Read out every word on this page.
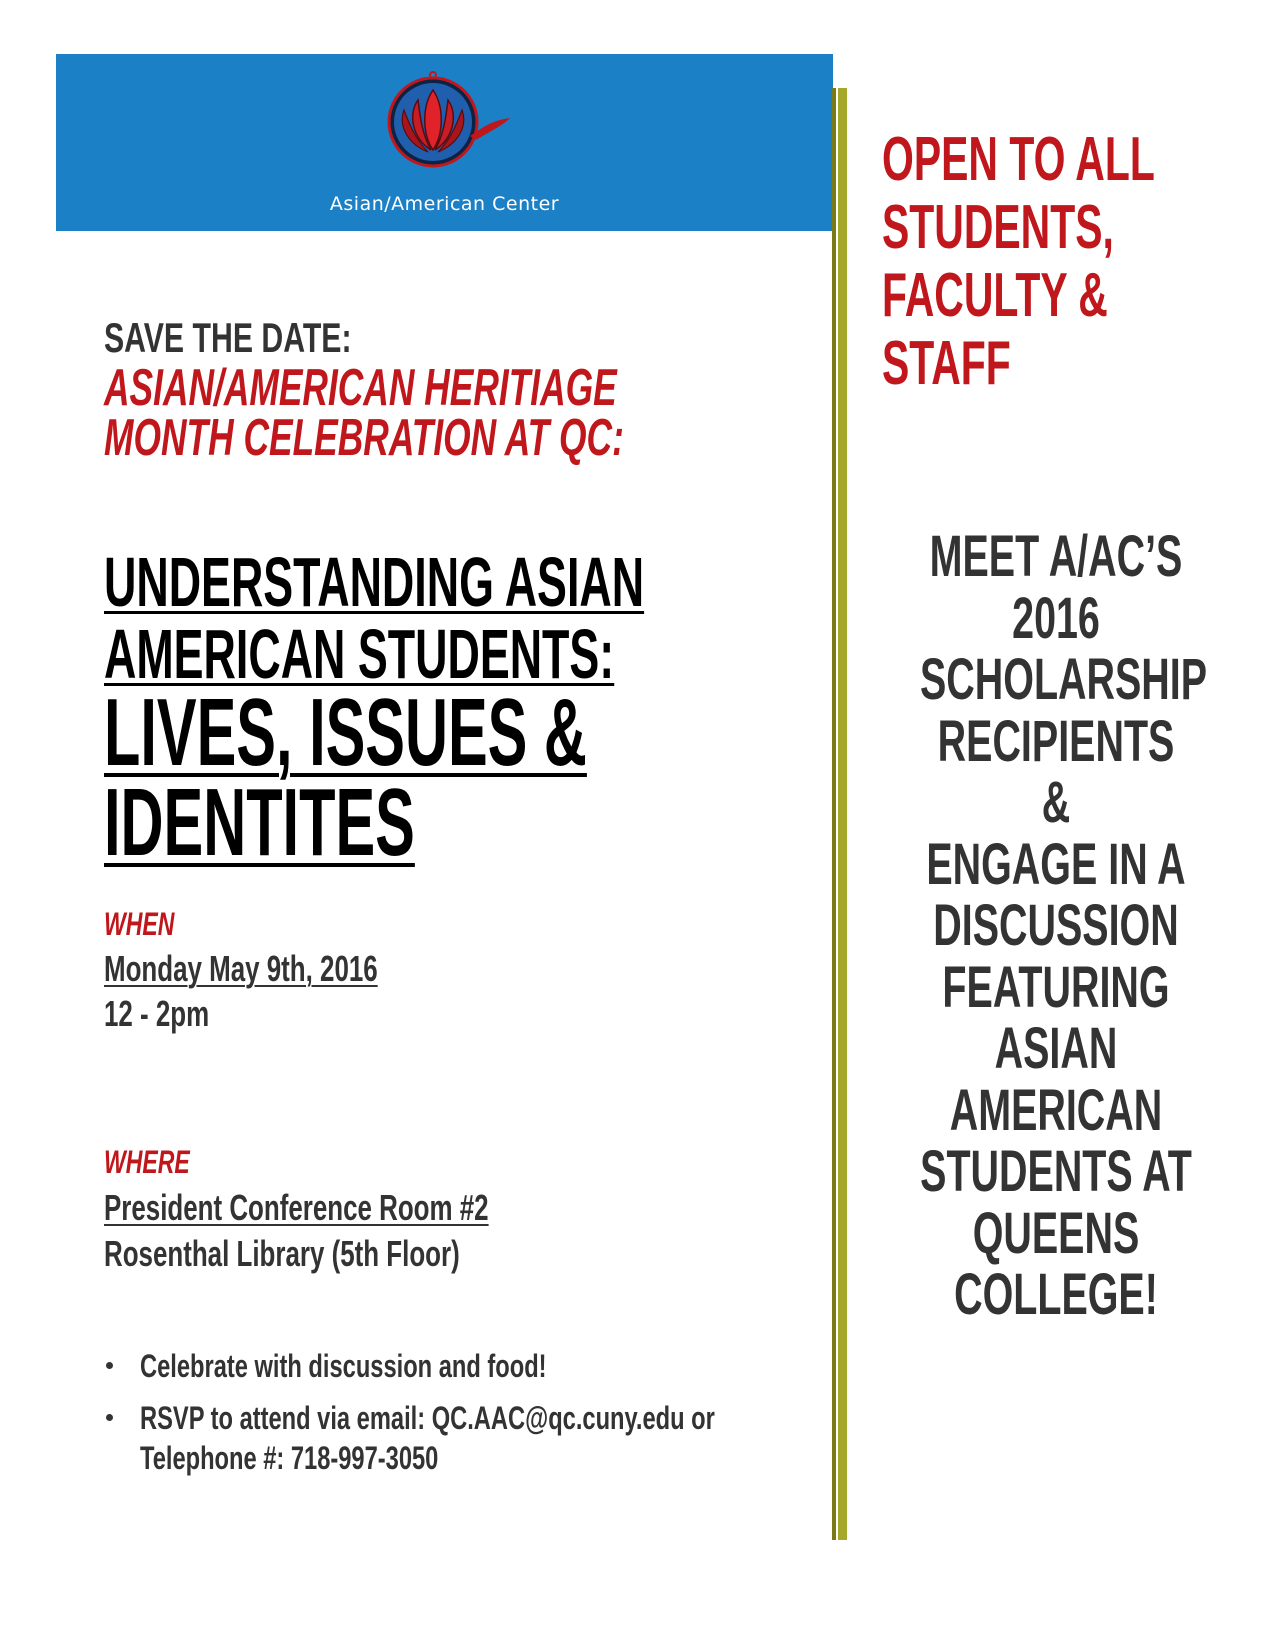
Asian/American Center
SAVE THE DATE:
ASIAN/AMERICAN HERITIAGE
MONTH CELEBRATION AT QC:
UNDERSTANDING ASIAN
AMERICAN STUDENTS:
LIVES, ISSUES &
IDENTITES
WHEN
Monday May 9th, 2016
12 - 2pm
WHERE
President Conference Room #2
Rosenthal Library (5th Floor)
Celebrate with discussion and food!
RSVP to attend via email: QC.AAC@qc.cuny.edu or
Telephone #: 718-997-3050
OPEN TO ALL
STUDENTS,
FACULTY &
STAFF
MEET A/AC’S
2016
SCHOLARSHIP
RECIPIENTS
&
ENGAGE IN A
DISCUSSION
FEATURING
ASIAN
AMERICAN
STUDENTS AT
QUEENS
COLLEGE!
